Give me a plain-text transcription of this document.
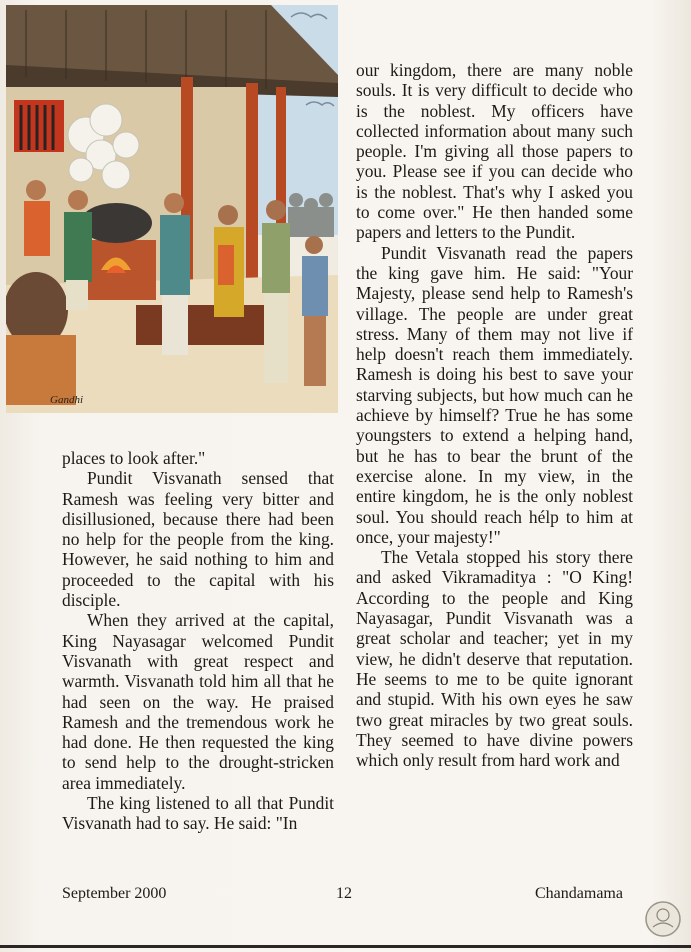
Gandhi

places to look after."

Pundit Visvanath sensed that Ramesh was feeling very bitter and disillusioned, because there had been no help for the people from the king. However, he said nothing to him and proceeded to the capital with his disciple.

When they arrived at the capital, King Nayasagar welcomed Pundit Visvanath with great respect and warmth. Visvanath told him all that he had seen on the way. He praised Ramesh and the tremendous work he had done. He then requested the king to send help to the drought-stricken area immediately.

The king listened to all that Pundit Visvanath had to say. He said: "In

our kingdom, there are many noble souls. It is very difficult to decide who is the noblest. My officers have collected information about many such people. I'm giving all those papers to you. Please see if you can decide who is the noblest. That's why I asked you to come over." He then handed some papers and letters to the Pundit.

Pundit Visvanath read the papers the king gave him. He said: "Your Majesty, please send help to Ramesh's village. The people are under great stress. Many of them may not live if help doesn't reach them immediately. Ramesh is doing his best to save your starving subjects, but how much can he achieve by himself? True he has some youngsters to extend a helping hand, but he has to bear the brunt of the exercise alone. In my view, in the entire kingdom, he is the only noblest soul. You should reach hélp to him at once, your majesty!"

The Vetala stopped his story there and asked Vikramaditya : "O King! According to the people and King Nayasagar, Pundit Visvanath was a great scholar and teacher; yet in my view, he didn't deserve that reputation. He seems to me to be quite ignorant and stupid. With his own eyes he saw two great miracles by two great souls. They seemed to have divine powers which only result from hard work and

September 2000	12	Chandamama
